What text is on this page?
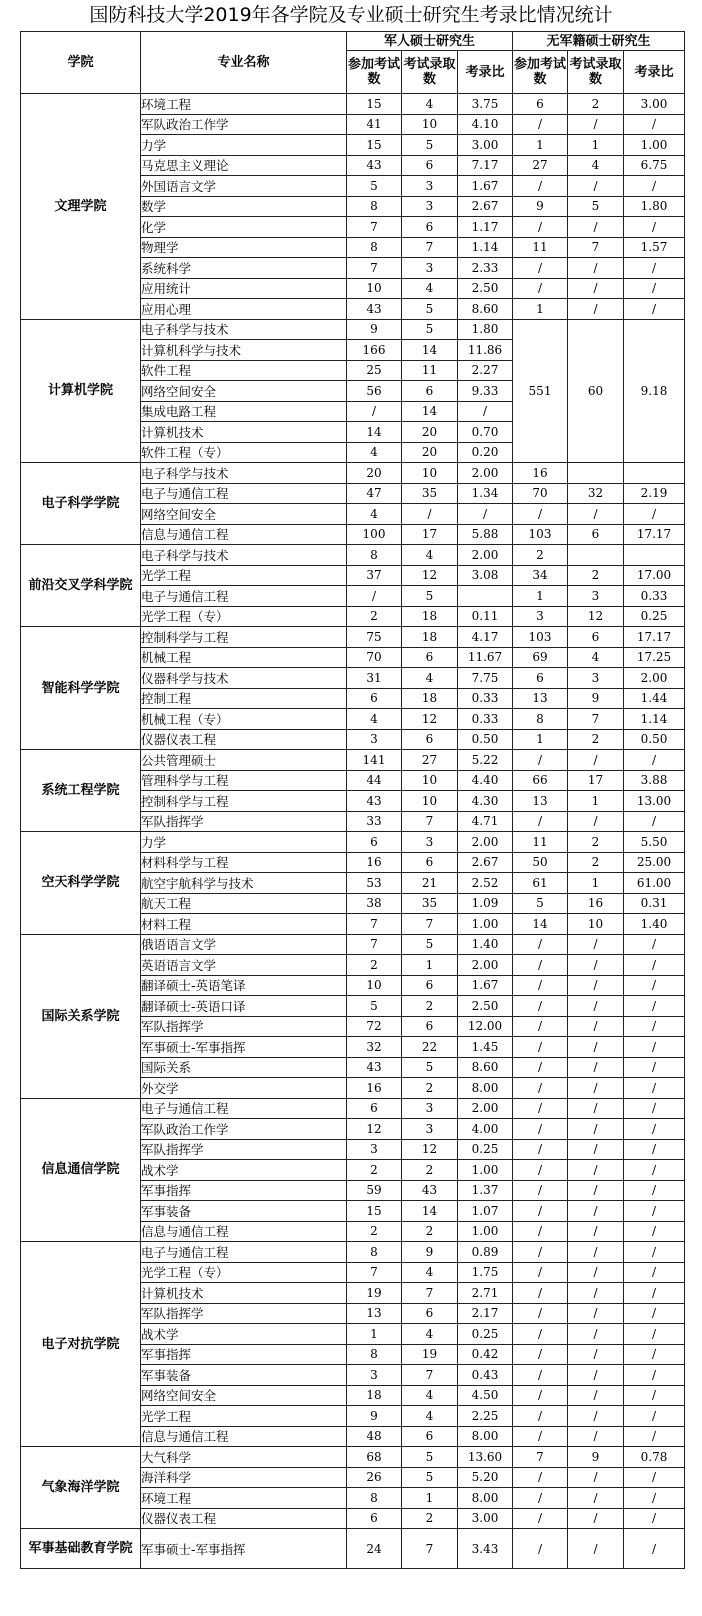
国防科技大学2019年各学院及专业硕士研究生考录比情况统计
学院	专业名称	军人硕士研究生			无军籍硕士研究生		
		参加考试数	考试录取数	考录比	参加考试数	考试录取数	考录比
文理学院	环境工程	15	4	3.75	6	2	3.00
	军队政治工作学	41	10	4.10	/	/	/
	力学	15	5	3.00	1	1	1.00
	马克思主义理论	43	6	7.17	27	4	6.75
	外国语言文学	5	3	1.67	/	/	/
	数学	8	3	2.67	9	5	1.80
	化学	7	6	1.17	/	/	/
	物理学	8	7	1.14	11	7	1.57
	系统科学	7	3	2.33	/	/	/
	应用统计	10	4	2.50	/	/	/
	应用心理	43	5	8.60	1	/	/
计算机学院	电子科学与技术	9	5	1.80	551	60	9.18
	计算机科学与技术	166	14	11.86			
	软件工程	25	11	2.27			
	网络空间安全	56	6	9.33			
	集成电路工程	/	14	/			
	计算机技术	14	20	0.70			
	软件工程（专）	4	20	0.20			
电子科学学院	电子科学与技术	20	10	2.00	16		
	电子与通信工程	47	35	1.34	70	32	2.19
	网络空间安全	4	/	/	/	/	/
	信息与通信工程	100	17	5.88	103	6	17.17
前沿交叉学科学院	电子科学与技术	8	4	2.00	2		
	光学工程	37	12	3.08	34	2	17.00
	电子与通信工程	/	5		1	3	0.33
	光学工程（专）	2	18	0.11	3	12	0.25
智能科学学院	控制科学与工程	75	18	4.17	103	6	17.17
	机械工程	70	6	11.67	69	4	17.25
	仪器科学与技术	31	4	7.75	6	3	2.00
	控制工程	6	18	0.33	13	9	1.44
	机械工程（专）	4	12	0.33	8	7	1.14
	仪器仪表工程	3	6	0.50	1	2	0.50
系统工程学院	公共管理硕士	141	27	5.22	/	/	/
	管理科学与工程	44	10	4.40	66	17	3.88
	控制科学与工程	43	10	4.30	13	1	13.00
	军队指挥学	33	7	4.71	/	/	/
空天科学学院	力学	6	3	2.00	11	2	5.50
	材料科学与工程	16	6	2.67	50	2	25.00
	航空宇航科学与技术	53	21	2.52	61	1	61.00
	航天工程	38	35	1.09	5	16	0.31
	材料工程	7	7	1.00	14	10	1.40
国际关系学院	俄语语言文学	7	5	1.40	/	/	/
	英语语言文学	2	1	2.00	/	/	/
	翻译硕士-英语笔译	10	6	1.67	/	/	/
	翻译硕士-英语口译	5	2	2.50	/	/	/
	军队指挥学	72	6	12.00	/	/	/
	军事硕士-军事指挥	32	22	1.45	/	/	/
	国际关系	43	5	8.60	/	/	/
	外交学	16	2	8.00	/	/	/
信息通信学院	电子与通信工程	6	3	2.00	/	/	/
	军队政治工作学	12	3	4.00	/	/	/
	军队指挥学	3	12	0.25	/	/	/
	战术学	2	2	1.00	/	/	/
	军事指挥	59	43	1.37	/	/	/
	军事装备	15	14	1.07	/	/	/
	信息与通信工程	2	2	1.00	/	/	/
电子对抗学院	电子与通信工程	8	9	0.89	/	/	/
	光学工程（专）	7	4	1.75	/	/	/
	计算机技术	19	7	2.71	/	/	/
	军队指挥学	13	6	2.17	/	/	/
	战术学	1	4	0.25	/	/	/
	军事指挥	8	19	0.42	/	/	/
	军事装备	3	7	0.43	/	/	/
	网络空间安全	18	4	4.50	/	/	/
	光学工程	9	4	2.25	/	/	/
	信息与通信工程	48	6	8.00	/	/	/
气象海洋学院	大气科学	68	5	13.60	7	9	0.78
	海洋科学	26	5	5.20	/	/	/
	环境工程	8	1	8.00	/	/	/
	仪器仪表工程	6	2	3.00	/	/	/
军事基础教育学院	军事硕士-军事指挥	24	7	3.43	/	/	/
